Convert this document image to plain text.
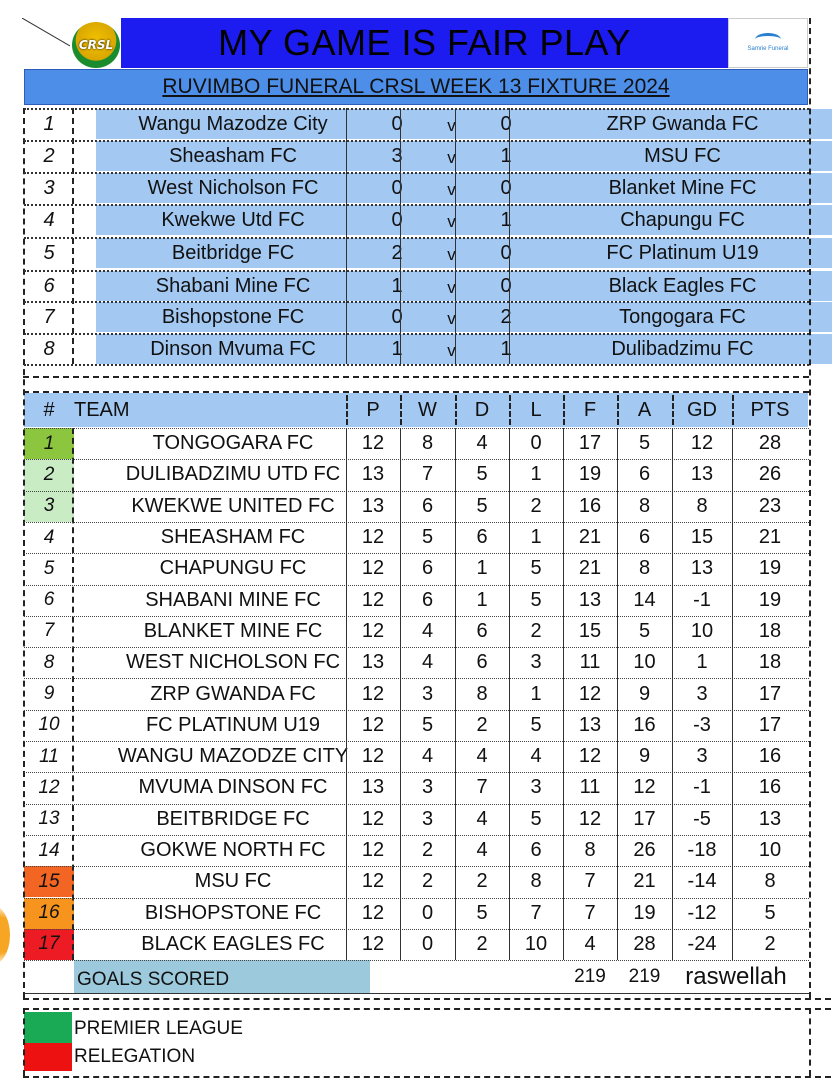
CRSL	MY GAME IS FAIR PLAY	Samrie Funeral
RUVIMBO FUNERAL CRSL WEEK 13 FIXTURE 2024
1	Wangu Mazodze City	0	v	0	ZRP Gwanda FC
2	Sheasham FC	3	v	1	MSU FC
3	West Nicholson FC	0	v	0	Blanket Mine FC
4	Kwekwe Utd FC	0	v	1	Chapungu FC
5	Beitbridge FC	2	v	0	FC Platinum U19
6	Shabani Mine FC	1	v	0	Black Eagles FC
7	Bishopstone FC	0	v	2	Tongogara FC
8	Dinson Mvuma FC	1	v	1	Dulibadzimu FC
# TEAM	P	W	D	L	F	A	GD	PTS
1	TONGOGARA FC	12	8	4	0	17	5	12	28
2	DULIBADZIMU UTD FC	13	7	5	1	19	6	13	26
3	KWEKWE UNITED FC	13	6	5	2	16	8	8	23
4	SHEASHAM FC	12	5	6	1	21	6	15	21
5	CHAPUNGU FC	12	6	1	5	21	8	13	19
6	SHABANI MINE FC	12	6	1	5	13	14	-1	19
7	BLANKET MINE FC	12	4	6	2	15	5	10	18
8	WEST NICHOLSON FC	13	4	6	3	11	10	1	18
9	ZRP GWANDA FC	12	3	8	1	12	9	3	17
10	FC PLATINUM U19	12	5	2	5	13	16	-3	17
11	WANGU MAZODZE CITY 12	4	4	4	12	9	3	16
12	MVUMA DINSON FC	13	3	7	3	11	12	-1	16
13	BEITBRIDGE FC	12	3	4	5	12	17	-5	13
14	GOKWE NORTH FC	12	2	4	6	8	26	-18	10
15	MSU FC	12	2	2	8	7	21	-14	8
16	BISHOPSTONE FC	12	0	5	7	7	19	-12	5
17	BLACK EAGLES FC	12	0	2	10	4	28	-24	2
GOALS SCORED	219	219	raswellah
PREMIER LEAGUE
RELEGATION
